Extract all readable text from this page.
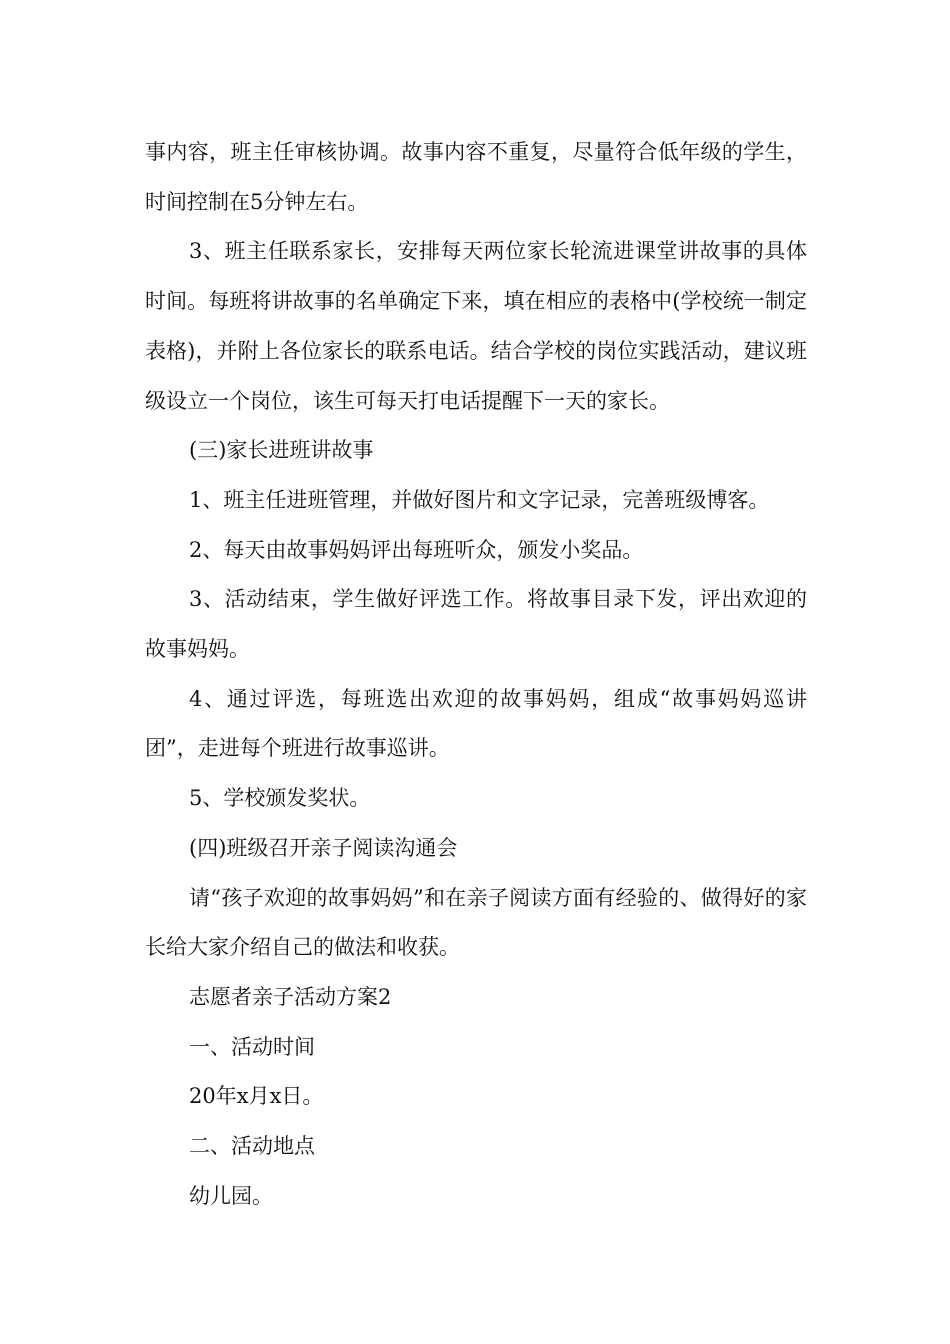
事内容，班主任审核协调。故事内容不重复，尽量符合低年级的学生，时间控制在5分钟左右。

3、班主任联系家长，安排每天两位家长轮流进课堂讲故事的具体时间。每班将讲故事的名单确定下来，填在相应的表格中(学校统一制定表格)，并附上各位家长的联系电话。结合学校的岗位实践活动，建议班级设立一个岗位，该生可每天打电话提醒下一天的家长。

(三)家长进班讲故事

1、班主任进班管理，并做好图片和文字记录，完善班级博客。

2、每天由故事妈妈评出每班听众，颁发小奖品。

3、活动结束，学生做好评选工作。将故事目录下发，评出欢迎的故事妈妈。

4、通过评选，每班选出欢迎的故事妈妈，组成“故事妈妈巡讲团”，走进每个班进行故事巡讲。

5、学校颁发奖状。

(四)班级召开亲子阅读沟通会

请“孩子欢迎的故事妈妈”和在亲子阅读方面有经验的、做得好的家长给大家介绍自己的做法和收获。

志愿者亲子活动方案2

一、活动时间

20年x月x日。

二、活动地点

幼儿园。
